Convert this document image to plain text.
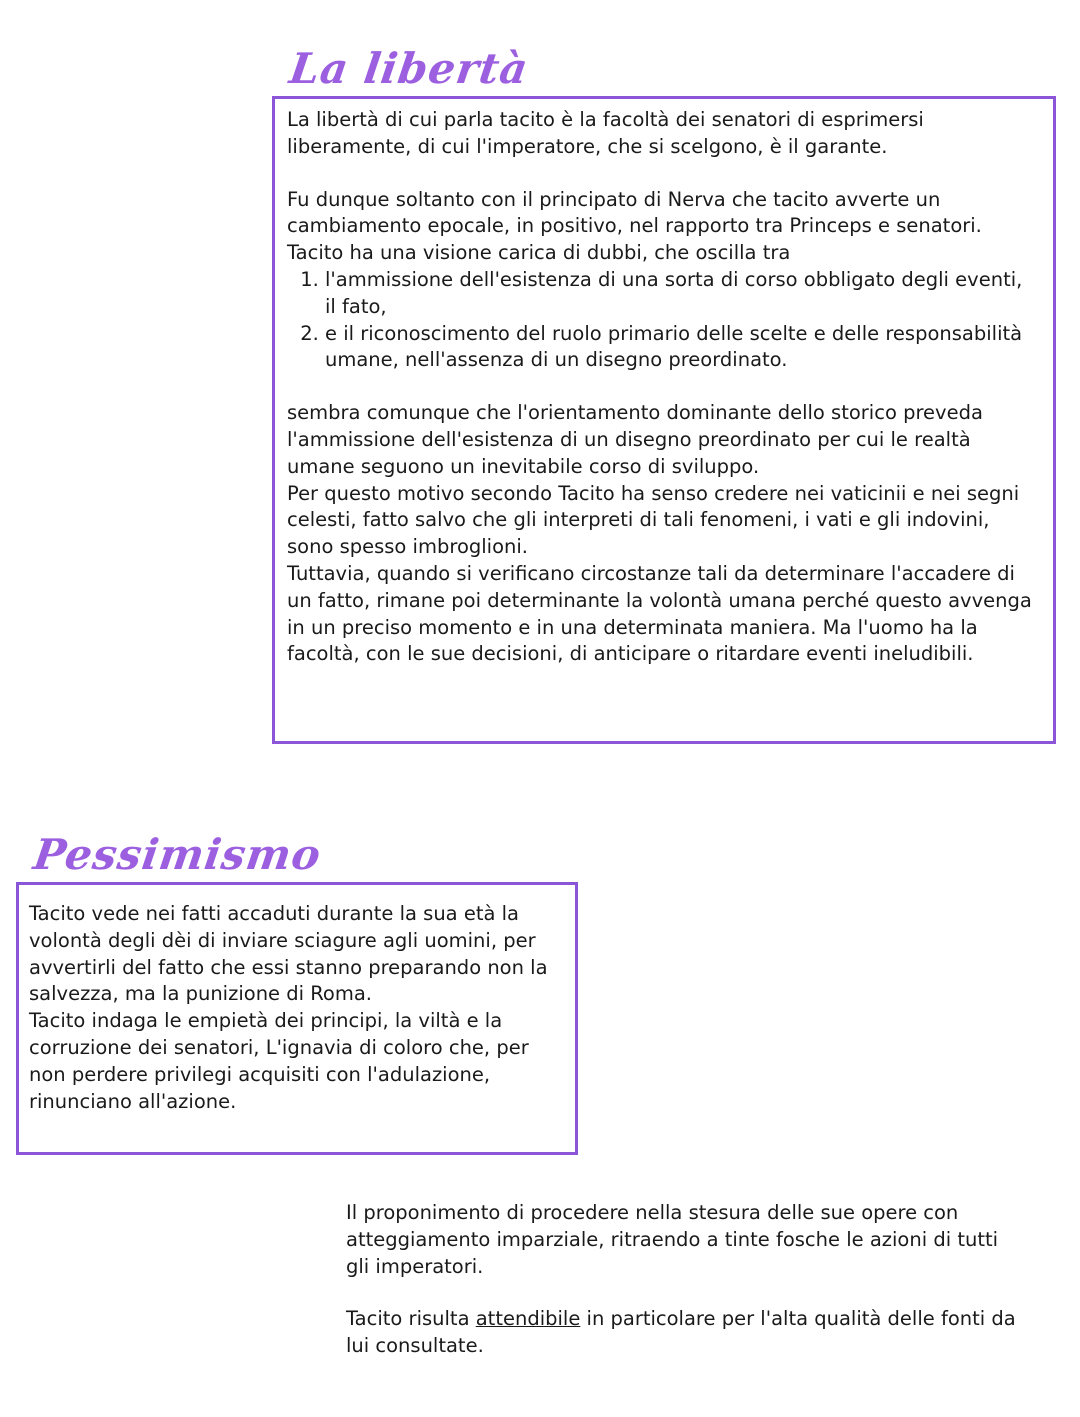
La libertà

La libertà di cui parla tacito è la facoltà dei senatori di esprimersi liberamente, di cui l'imperatore, che si scelgono, è il garante.

Fu dunque soltanto con il principato di Nerva che tacito avverte un cambiamento epocale, in positivo, nel rapporto tra Princeps e senatori.

Tacito ha una visione carica di dubbi, che oscilla tra

1. l'ammissione dell'esistenza di una sorta di corso obbligato degli eventi, il fato,
2. e il riconoscimento del ruolo primario delle scelte e delle responsabilità umane, nell'assenza di un disegno preordinato.

sembra comunque che l'orientamento dominante dello storico preveda l'ammissione dell'esistenza di un disegno preordinato per cui le realtà umane seguono un inevitabile corso di sviluppo.

Per questo motivo secondo Tacito ha senso credere nei vaticinii e nei segni celesti, fatto salvo che gli interpreti di tali fenomeni, i vati e gli indovini, sono spesso imbroglioni.

Tuttavia, quando si verificano circostanze tali da determinare l'accadere di un fatto, rimane poi determinante la volontà umana perché questo avvenga in un preciso momento e in una determinata maniera. Ma l'uomo ha la facoltà, con le sue decisioni, di anticipare o ritardare eventi ineludibili.

Pessimismo

Tacito vede nei fatti accaduti durante la sua età la volontà degli dèi di inviare sciagure agli uomini, per avvertirli del fatto che essi stanno preparando non la salvezza, ma la punizione di Roma.

Tacito indaga le empietà dei principi, la viltà e la corruzione dei senatori, L'ignavia di coloro che, per non perdere privilegi acquisiti con l'adulazione, rinunciano all'azione.

Il proponimento di procedere nella stesura delle sue opere con atteggiamento imparziale, ritraendo a tinte fosche le azioni di tutti gli imperatori.

Tacito risulta attendibile in particolare per l'alta qualità delle fonti da lui consultate.
